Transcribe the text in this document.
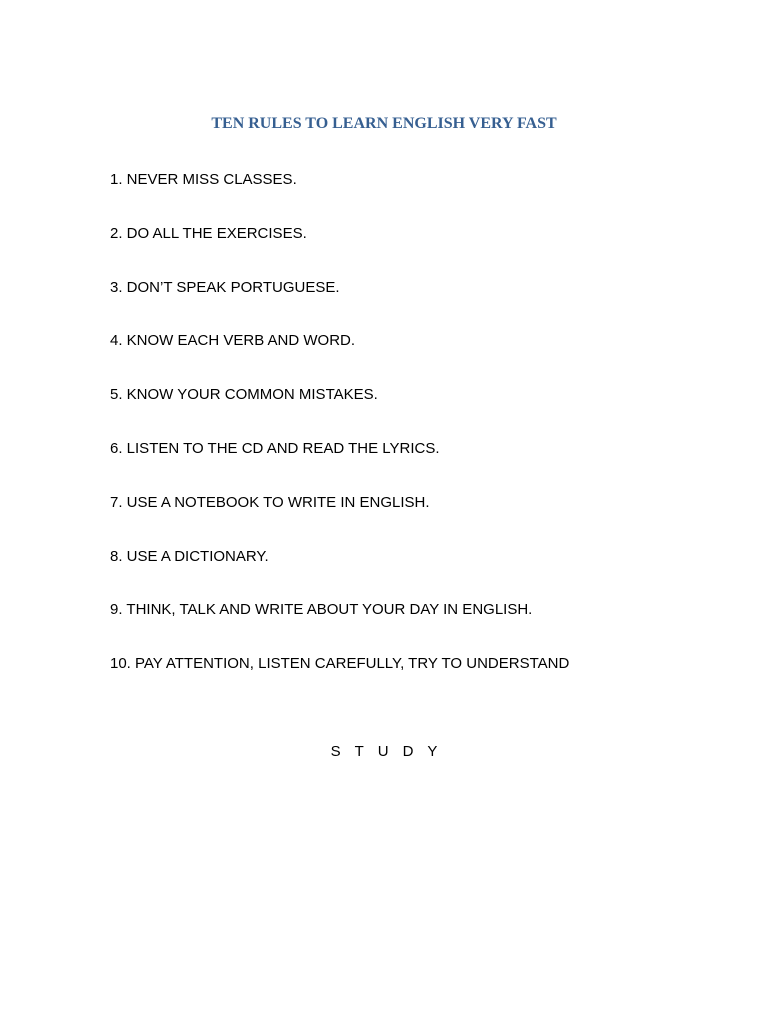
TEN RULES TO LEARN ENGLISH VERY FAST
1. NEVER MISS CLASSES.
2. DO ALL THE EXERCISES.
3. DON’T SPEAK PORTUGUESE.
4. KNOW EACH VERB AND WORD.
5. KNOW YOUR COMMON MISTAKES.
6. LISTEN TO THE CD AND READ THE LYRICS.
7. USE A NOTEBOOK TO WRITE IN ENGLISH.
8. USE A DICTIONARY.
9. THINK, TALK AND WRITE ABOUT YOUR DAY IN ENGLISH.
10. PAY ATTENTION, LISTEN CAREFULLY, TRY TO UNDERSTAND

STUDY
